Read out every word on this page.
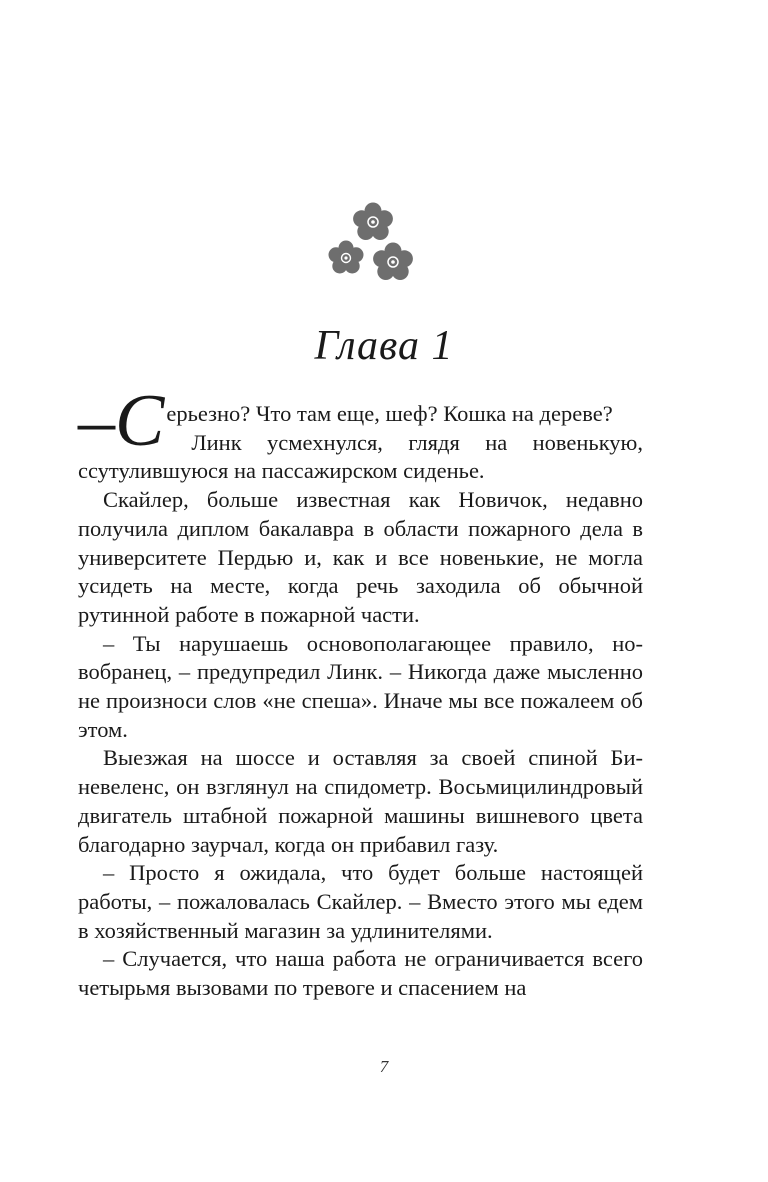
Глава 1

–С ерьезно? Что там еще, шеф? Кошка на дереве?

Линк усмехнулся, глядя на новенькую, ссутулившуюся на пассажирском сиденье.

Скайлер, больше известная как Новичок, недавно получила диплом бакалавра в области пожарного дела в университете Пердью и, как и все новенькие, не могла усидеть на месте, когда речь заходила об обычной рутинной работе в пожарной части.

– Ты нарушаешь основополагающее правило, новобранец, – предупредил Линк. – Никогда даже мысленно не произноси слов «не спеша». Иначе мы все пожалеем об этом.

Выезжая на шоссе и оставляя за своей спиной Биневеленс, он взглянул на спидометр. Восьмицилиндровый двигатель штабной пожарной машины вишневого цвета благодарно заурчал, когда он прибавил газу.

– Просто я ожидала, что будет больше настоящей работы, – пожаловалась Скайлер. – Вместо этого мы едем в хозяйственный магазин за удлинителями.

– Случается, что наша работа не ограничивается всего четырьмя вызовами по тревоге и спасением на

7
